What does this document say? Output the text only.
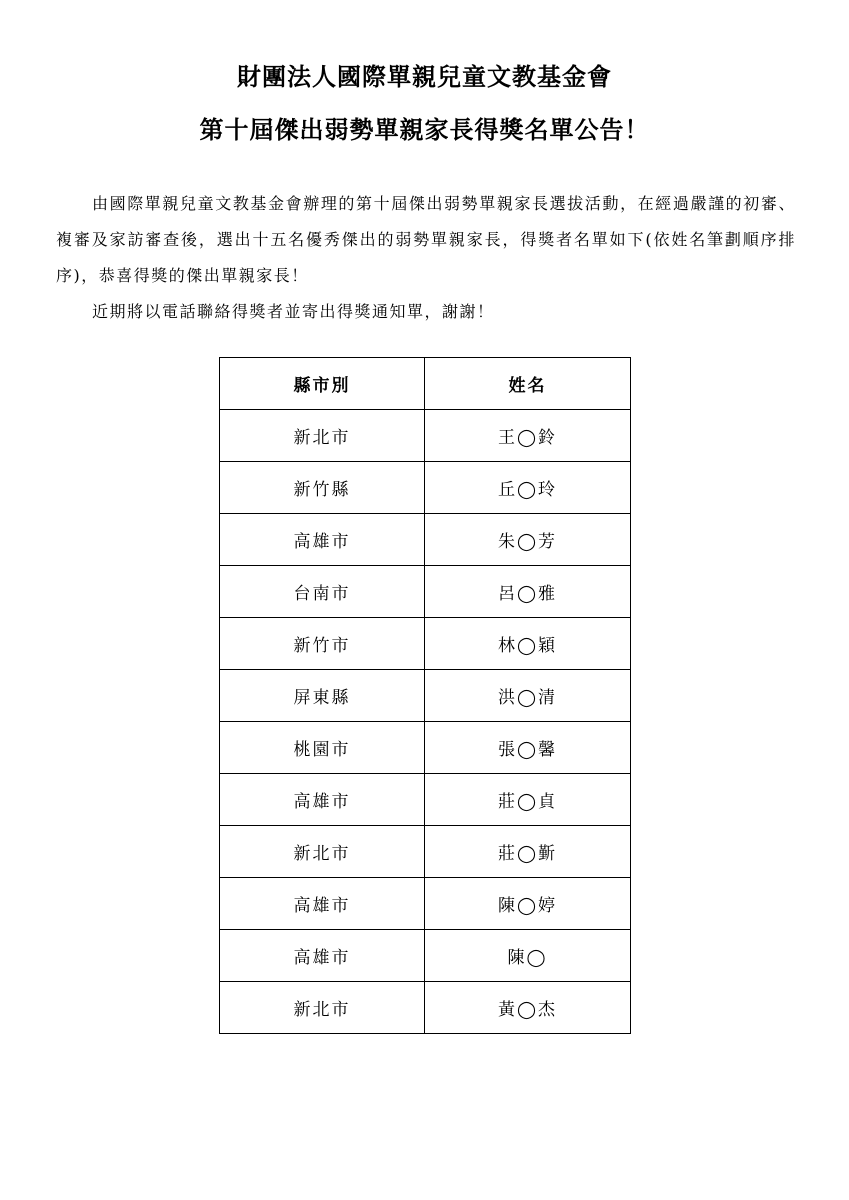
財團法人國際單親兒童文教基金會
第十屆傑出弱勢單親家長得獎名單公告！

由國際單親兒童文教基金會辦理的第十屆傑出弱勢單親家長選拔活動，在經過嚴謹的初審、複審及家訪審查後，選出十五名優秀傑出的弱勢單親家長，得獎者名單如下(依姓名筆劃順序排序)，恭喜得獎的傑出單親家長！

近期將以電話聯絡得獎者並寄出得獎通知單，謝謝！

縣市別	姓名
新北市	王◯鈴
新竹縣	丘◯玲
高雄市	朱◯芳
台南市	呂◯雅
新竹市	林◯穎
屏東縣	洪◯清
桃園市	張◯馨
高雄市	莊◯貞
新北市	莊◯斳
高雄市	陳◯婷
高雄市	陳◯
新北市	黃◯杰
